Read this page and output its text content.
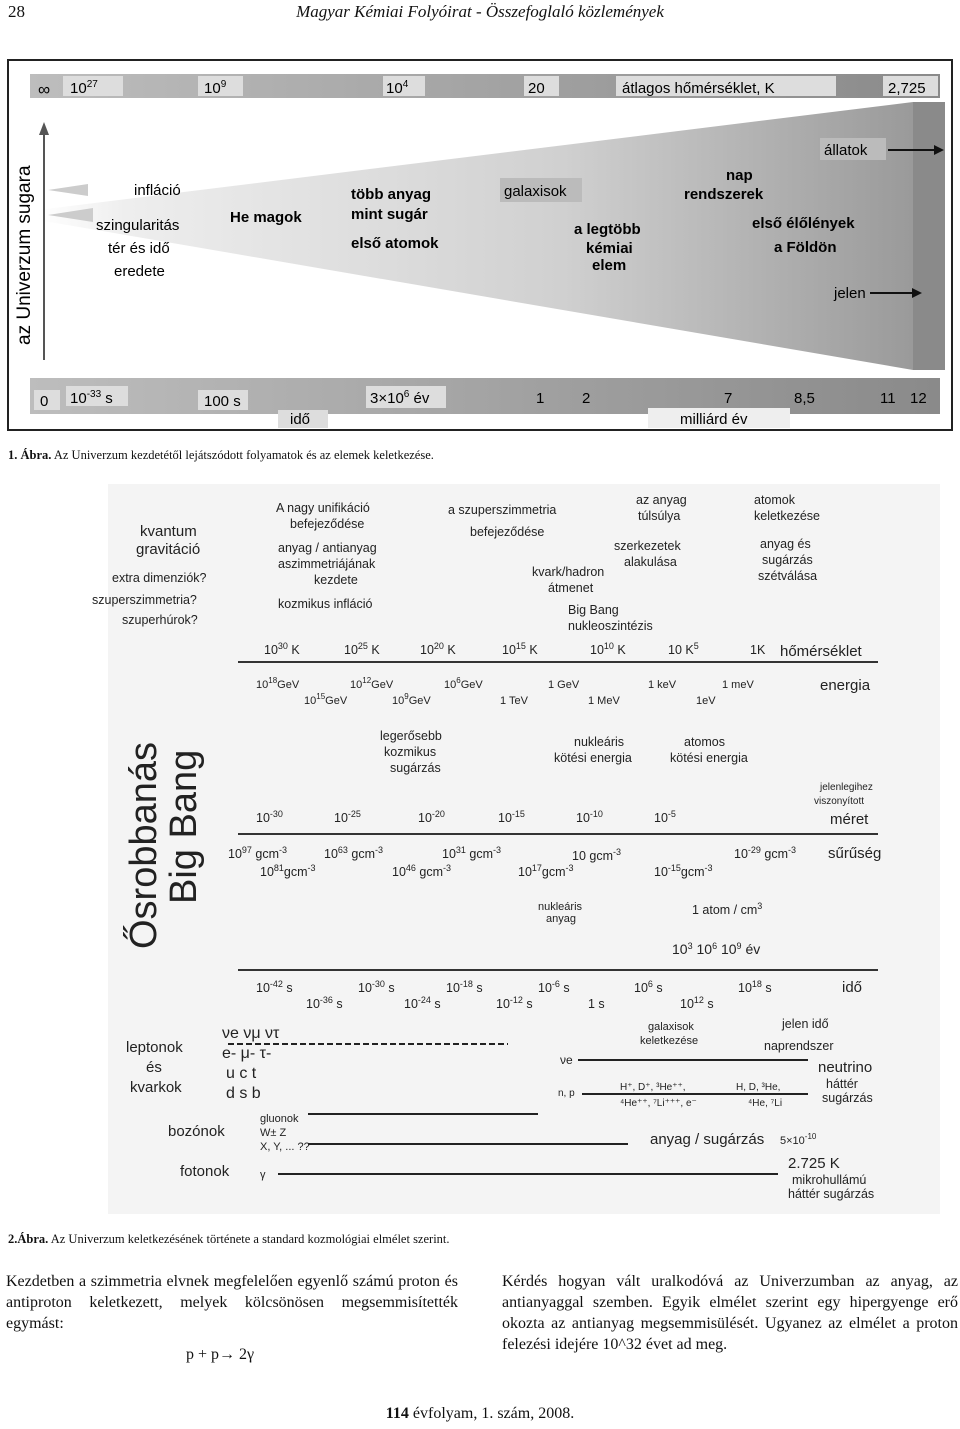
28	Magyar Kémiai Folyóirat - Összefoglaló közlemények
∞ $10^{27}$	$10^9$	$10^4$	20	átlagos hőmérséklet, K	2,725
az Univerzum sugara	infláció
szingularitás
tér és idő
eredete
He magok
több anyag
mint sugár
első atomok
galaxisok
a legtöbb
kémiai
elem
nap
rendszerek
első élőlények
a Földön
állatok
jelen
0 $10^{-33}$ s	100 s	$3\times 10^6$ év
idő
1	2	7	8,5	11 12
milliárd év
1. Ábra. Az Univerzum kezdetétől lejátszódott folyamatok és az elemek keletkezése.
Ősrobbanás
Big Bang
kvantum
gravitáció
extra dimenziók?
szuperszimmetria?
szuperhúrok?
A nagy unifikáció
befejeződése
anyag / antianyag
aszimmetriájának
kezdete
kozmikus infláció
a szuperszimmetria
befejeződése
kvark/hadron
átmenet
Big Bang
nukleoszintézis
az anyag
túlsúlya
szerkezetek
alakulása
atomok
keletkezése
anyag és
sugárzás
szétválása
$10^{30}$ K	$10^{25}$ K	$10^{20}$ K	$10^{15}$ K	$10^{10}$ K	10 $K^5$	1K hőmérséklet
$10^{18}GeV$	$10^{12}GeV$	$10^6GeV$	1 GeV	1 keV	1 meV
$10^{15}GeV$	$10^9GeV$	1 TeV	1 MeV	1eV
energia
legerősebb
kozmikus
sugárzás
nukleáris
kötési energia
atomos
kötési energia
jelenlegihez
viszonyított
méret
$10^{-30}$	$10^{-25}$	$10^{-20}$	$10^{-15}$	$10^{-10}$	$10^{-5}$
$10^{97}$ gcm$^{-3}$	$10^{63}$ gcm$^{-3}$	$10^{31}$ gcm$^{-3}$	10 gcm$^{-3}$	$10^{-29}$ gcm$^{-3}$
$10^{81}gcm^{-3}$	$10^{46}$ gcm$^{-3}$	$10^{17}gcm^{-3}$	$10^{-15}gcm^{-3}$
sűrűség
nukleáris
anyag
1 atom / $cm^3$
$10^3$ $10^6$ $10^9$ év
$10^{-42}$ s	$10^{-30}$ s	$10^{-18}$ s	$10^{-6}$ s	$10^6$ s	$10^{18}$ s
$10^{-36}$ s	$10^{-24}$ s	$10^{-12}$ s	1 s	$10^{12}$ s
idő
galaxisok
keletkezése
jelen idő
naprendszer
leptonok
és
kvarkok
νe νμ ντ
e- μ- τ-
u c t
d s b
bozónok
gluonok
W± Z
X, Y, ... ??
fotonok	γ
νe
n, p
H⁺, D⁺, ³He⁺⁺,
⁴He⁺⁺, ⁷Li⁺⁺⁺, e⁻
H, D, ³He,
⁴He, ⁷Li
neutrino
háttér
sugárzás
anyag / sugárzás $5\times 10^{-10}$
2.725 K
mikrohullámú
háttér sugárzás
2.Ábra. Az Univerzum keletkezésének története a standard kozmológiai elmélet szerint.
Kezdetben a szimmetria elvnek megfelelően egyenlő számú proton és antiproton keletkezett, melyek kölcsönösen megsemmisítették egymást:
p + p→ 2γ
Kérdés hogyan vált uralkodóvá az Univerzumban az anyag, az antianyaggal szemben. Egyik elmélet szerint egy hipergyenge erő okozta az antianyag megsemmisülését. Ugyanez az elmélet a proton felezési idejére 10^32 évet ad meg.
114 évfolyam, 1. szám, 2008.
